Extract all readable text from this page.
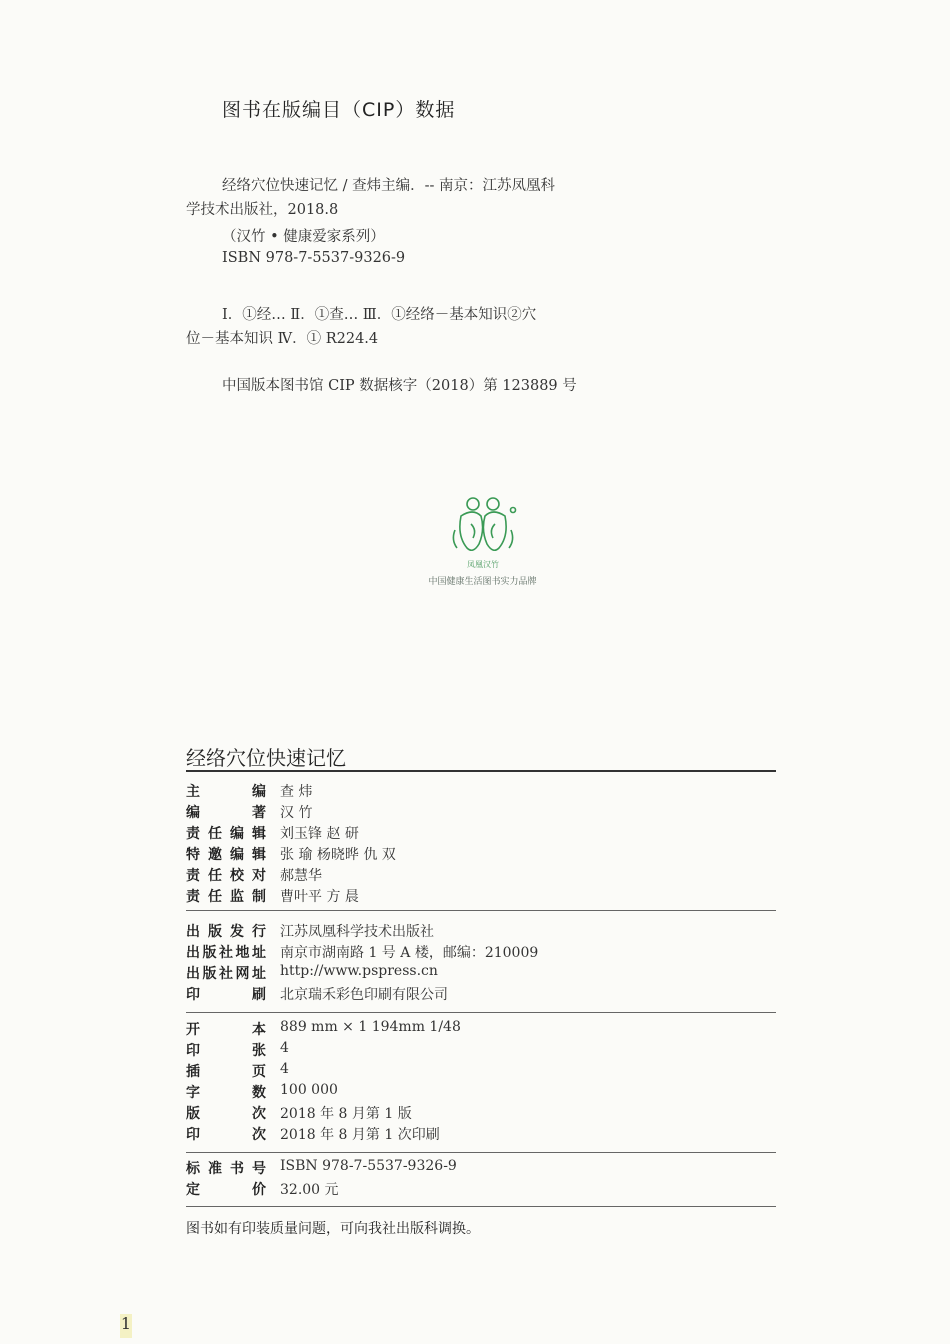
图书在版编目（CIP）数据
经络穴位快速记忆 / 查炜主编．-- 南京：江苏凤凰科
学技术出版社，2018.8
（汉竹 • 健康爱家系列）
ISBN 978-7-5537-9326-9
Ⅰ．①经… Ⅱ．①查… Ⅲ．①经络－基本知识②穴
位－基本知识 Ⅳ．① R224.4
中国版本图书馆 CIP 数据核字（2018）第 123889 号
凤凰汉竹
中国健康生活图书实力品牌
经络穴位快速记忆
主编 查 炜
编著 汉 竹
责任编辑 刘玉锋 赵 研
特邀编辑 张 瑜 杨晓晔 仇 双
责任校对 郝慧华
责任监制 曹叶平 方 晨
出版发行 江苏凤凰科学技术出版社
出版社地址 南京市湖南路 1 号 A 楼，邮编：210009
出版社网址 http://www.pspress.cn
印刷 北京瑞禾彩色印刷有限公司
开本 889 mm × 1 194mm 1/48
印张 4
插页 4
字数 100 000
版次 2018 年 8 月第 1 版
印次 2018 年 8 月第 1 次印刷
标准书号 ISBN 978-7-5537-9326-9
定价 32.00 元
图书如有印装质量问题，可向我社出版科调换。
1
